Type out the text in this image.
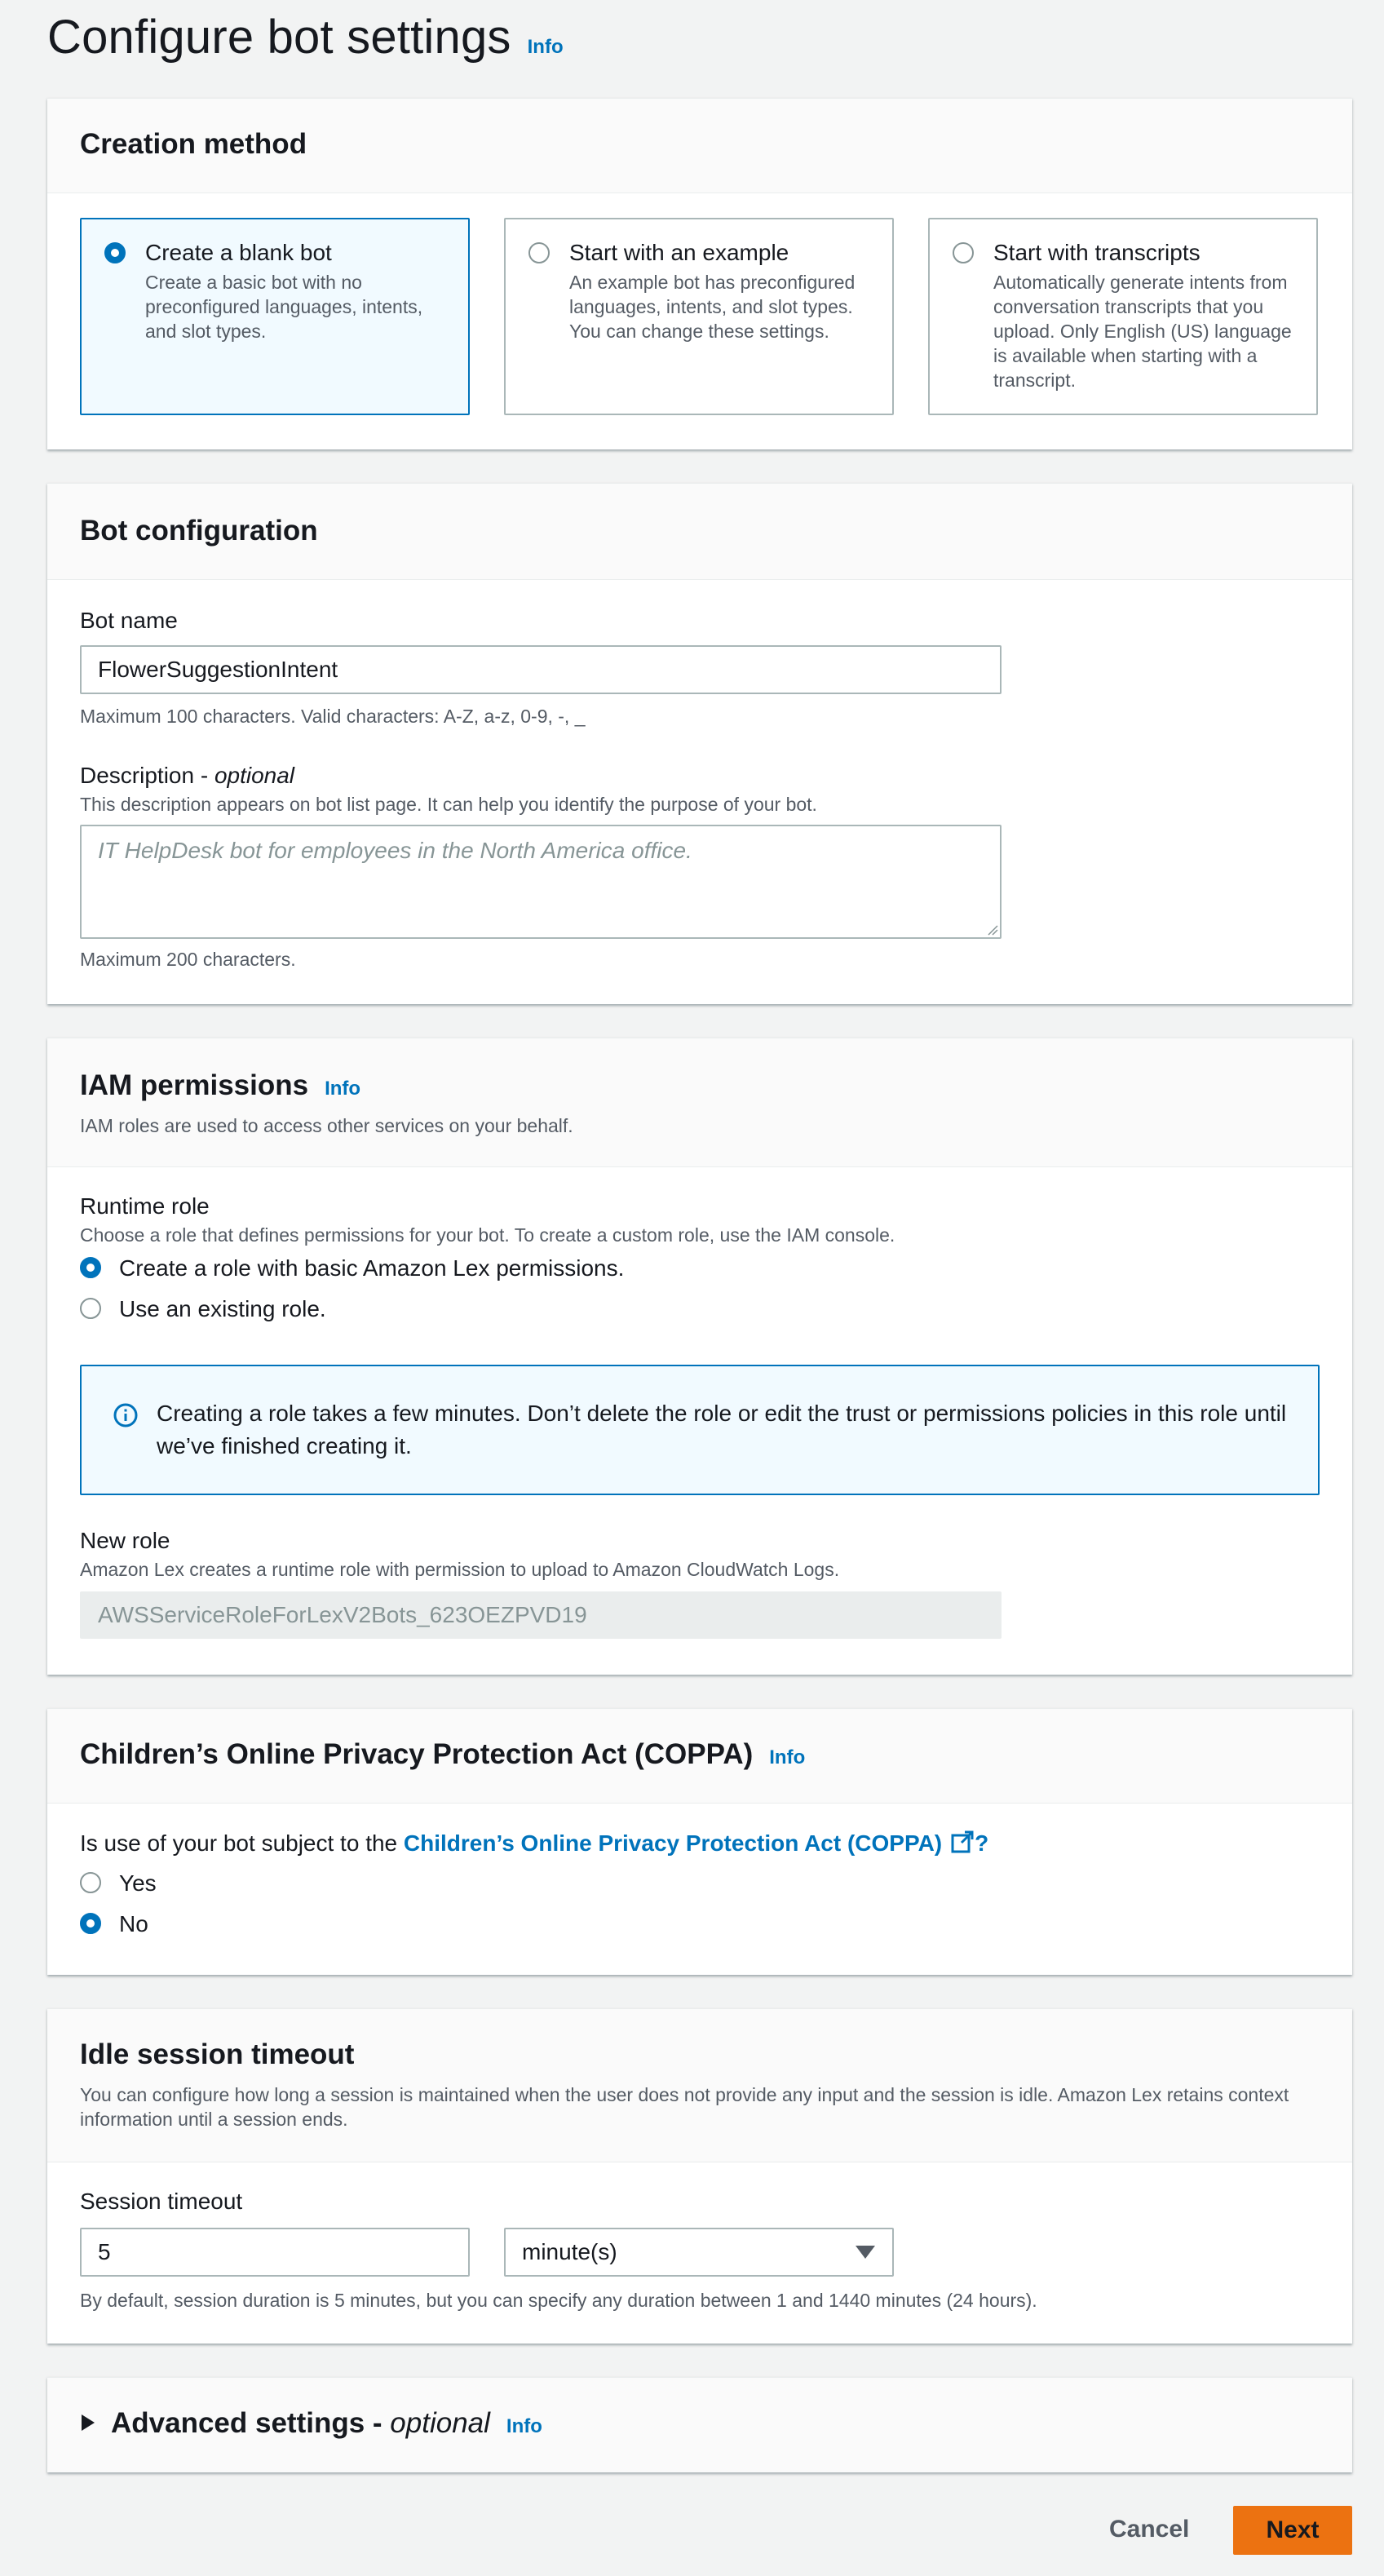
Configure bot settings Info
Creation method
Create a blank bot
Create a basic bot with no preconfigured languages, intents, and slot types.
Start with an example
An example bot has preconfigured languages, intents, and slot types. You can change these settings.
Start with transcripts
Automatically generate intents from conversation transcripts that you upload. Only English (US) language is available when starting with a transcript.
Bot configuration
Bot name
FlowerSuggestionIntent
Maximum 100 characters. Valid characters: A-Z, a-z, 0-9, -, _
Description - optional
This description appears on bot list page. It can help you identify the purpose of your bot.
IT HelpDesk bot for employees in the North America office.
Maximum 200 characters.
IAM permissions Info
IAM roles are used to access other services on your behalf.
Runtime role
Choose a role that defines permissions for your bot. To create a custom role, use the IAM console.
Create a role with basic Amazon Lex permissions.
Use an existing role.
Creating a role takes a few minutes. Don’t delete the role or edit the trust or permissions policies in this role until we’ve finished creating it.
New role
Amazon Lex creates a runtime role with permission to upload to Amazon CloudWatch Logs.
AWSServiceRoleForLexV2Bots_623OEZPVD19
Children’s Online Privacy Protection Act (COPPA) Info
Is use of your bot subject to the Children’s Online Privacy Protection Act (COPPA) ?
Yes
No
Idle session timeout
You can configure how long a session is maintained when the user does not provide any input and the session is idle. Amazon Lex retains context information until a session ends.
Session timeout
5	minute(s)
By default, session duration is 5 minutes, but you can specify any duration between 1 and 1440 minutes (24 hours).
Advanced settings - optional Info
Cancel	Next
